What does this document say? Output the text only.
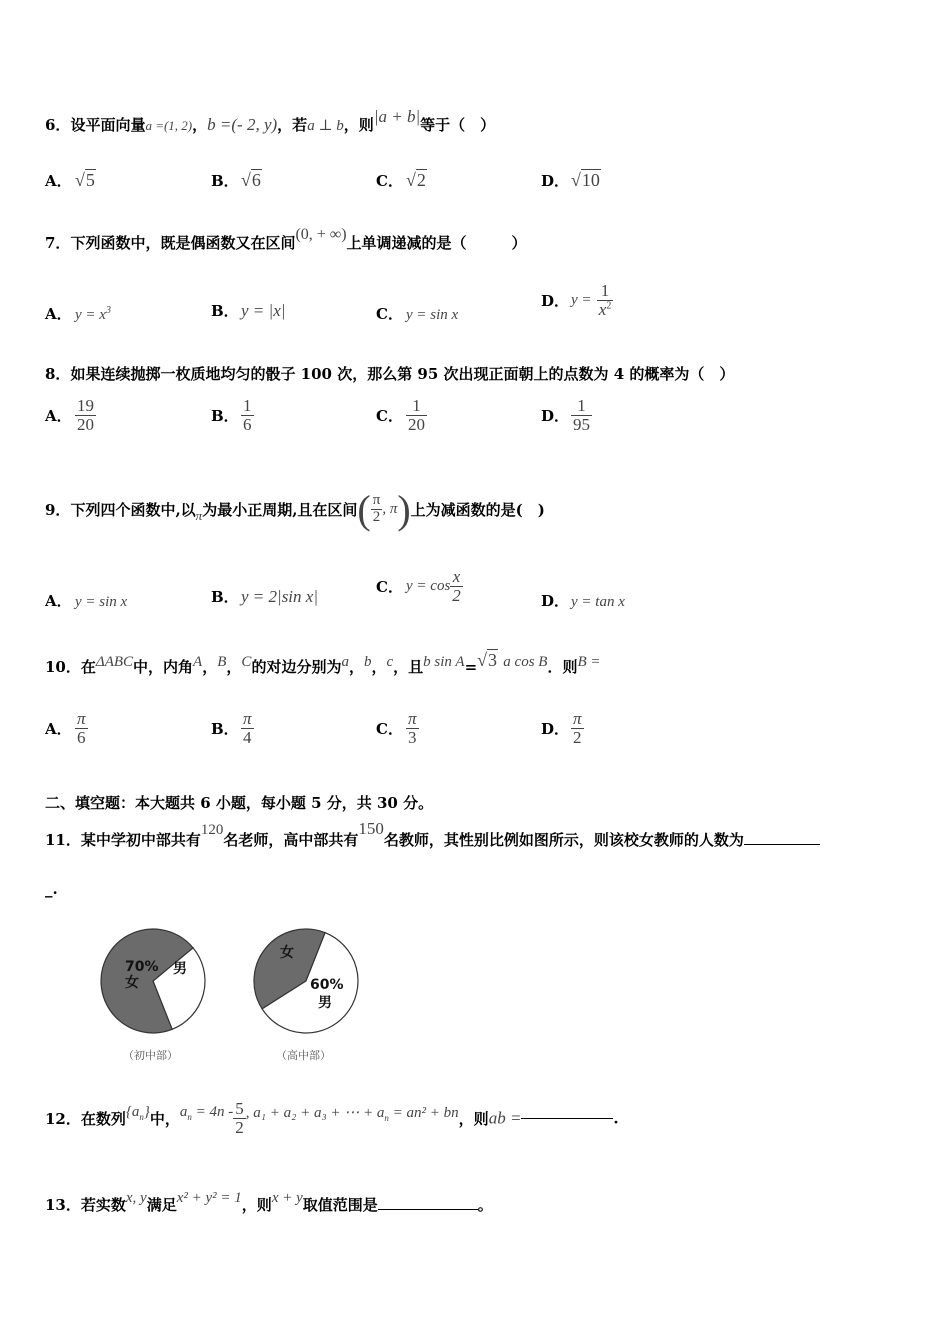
6．设平面向量a =(1, 2)，b =(- 2, y)，若a ⊥ b，则|a + b|等于（　）
A． √5	B． √6	C． √2	D． √10
7．下列函数中，既是偶函数又在区间(0, + ∞)上单调递减的是（　　　）
A． $y = x^3$	B． y = |x|	C． y = sin x
D． $y = \frac{1}{x^2}$
8．如果连续抛掷一枚质地均匀的骰子 100 次，那么第 95 次出现正面朝上的点数为 4 的概率为（　）
A． $\frac{19}{20}$	B． $\frac{1}{6}$	C． $\frac{1}{20}$	D． $\frac{1}{95}$
9．下列四个函数中,以π为最小正周期,且在区间( $\frac{\pi}{2}$ , π)上为减函数的是(　)
A． y = sin x	B． y = 2|sin x|
C． $y = \cos \frac{x}{2}$	D． y = tan x
10．在ΔABC中，内角A，B，C的对边分别为a，b，c，且b sin A=√3 a cos B．则B =
A． $\frac{\pi}{6}$	B． $\frac{\pi}{4}$	C． $\frac{\pi}{3}$	D． $\frac{\pi}{2}$
二、填空题：本大题共 6 小题，每小题 5 分，共 30 分。
11．某中学初中部共有120名老师，高中部共有150名教师，其性别比例如图所示，则该校女教师的人数为
_.
70%
女
男
（初中部）
女
60%
男
（高中部）
12．在数列$\{a_n\}$中，$a_n = 4n - \frac{5}{2}$ , a₁ + a₂ + a₃ + ⋯ + $a_n = an^2$ + bn，则ab =	.
13．若实数x, y满足x² + y² = 1，则x + y取值范围是	。
